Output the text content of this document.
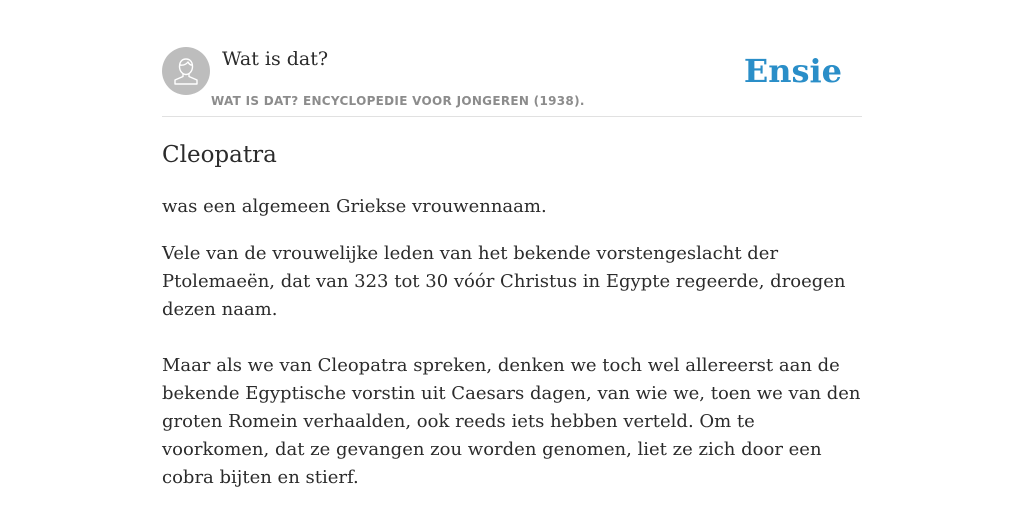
Wat is dat?
WAT IS DAT? ENCYCLOPEDIE VOOR JONGEREN (1938).
Ensie
Cleopatra

was een algemeen Griekse vrouwennaam.

Vele van de vrouwelijke leden van het bekende vorstengeslacht der Ptolemaeën, dat van 323 tot 30 vóór Christus in Egypte regeerde, droegen dezen naam.

Maar als we van Cleopatra spreken, denken we toch wel allereerst aan de bekende Egyptische vorstin uit Caesars dagen, van wie we, toen we van den groten Romein verhaalden, ook reeds iets hebben verteld. Om te voorkomen, dat ze gevangen zou worden genomen, liet ze zich door een cobra bijten en stierf.
